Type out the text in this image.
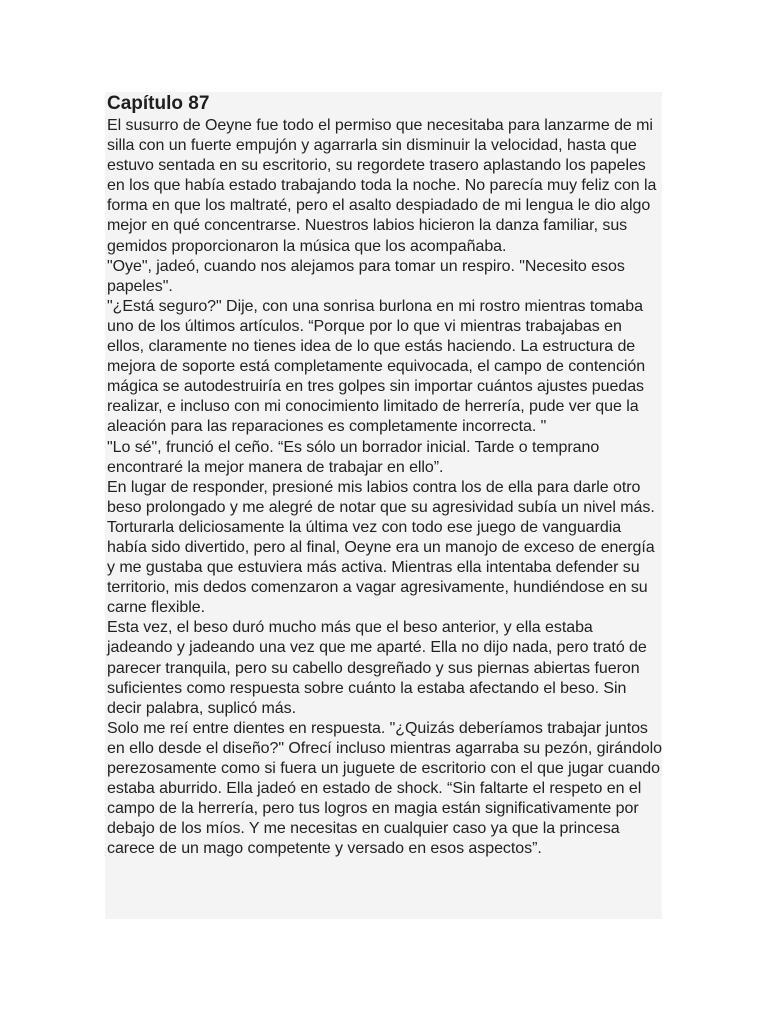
Capítulo 87

El susurro de Oeyne fue todo el permiso que necesitaba para lanzarme de mi silla con un fuerte empujón y agarrarla sin disminuir la velocidad, hasta que estuvo sentada en su escritorio, su regordete trasero aplastando los papeles en los que había estado trabajando toda la noche. No parecía muy feliz con la forma en que los maltraté, pero el asalto despiadado de mi lengua le dio algo mejor en qué concentrarse. Nuestros labios hicieron la danza familiar, sus gemidos proporcionaron la música que los acompañaba.

"Oye", jadeó, cuando nos alejamos para tomar un respiro. "Necesito esos papeles".

"¿Está seguro?" Dije, con una sonrisa burlona en mi rostro mientras tomaba uno de los últimos artículos. “Porque por lo que vi mientras trabajabas en ellos, claramente no tienes idea de lo que estás haciendo. La estructura de mejora de soporte está completamente equivocada, el campo de contención mágica se autodestruiría en tres golpes sin importar cuántos ajustes puedas realizar, e incluso con mi conocimiento limitado de herrería, pude ver que la aleación para las reparaciones es completamente incorrecta. "

"Lo sé", frunció el ceño. “Es sólo un borrador inicial. Tarde o temprano encontraré la mejor manera de trabajar en ello”.

En lugar de responder, presioné mis labios contra los de ella para darle otro beso prolongado y me alegré de notar que su agresividad subía un nivel más. Torturarla deliciosamente la última vez con todo ese juego de vanguardia había sido divertido, pero al final, Oeyne era un manojo de exceso de energía y me gustaba que estuviera más activa. Mientras ella intentaba defender su territorio, mis dedos comenzaron a vagar agresivamente, hundiéndose en su carne flexible.

Esta vez, el beso duró mucho más que el beso anterior, y ella estaba jadeando y jadeando una vez que me aparté. Ella no dijo nada, pero trató de parecer tranquila, pero su cabello desgreñado y sus piernas abiertas fueron suficientes como respuesta sobre cuánto la estaba afectando el beso. Sin decir palabra, suplicó más.

Solo me reí entre dientes en respuesta. "¿Quizás deberíamos trabajar juntos en ello desde el diseño?" Ofrecí incluso mientras agarraba su pezón, girándolo perezosamente como si fuera un juguete de escritorio con el que jugar cuando estaba aburrido. Ella jadeó en estado de shock. “Sin faltarte el respeto en el campo de la herrería, pero tus logros en magia están significativamente por debajo de los míos. Y me necesitas en cualquier caso ya que la princesa carece de un mago competente y versado en esos aspectos”.
